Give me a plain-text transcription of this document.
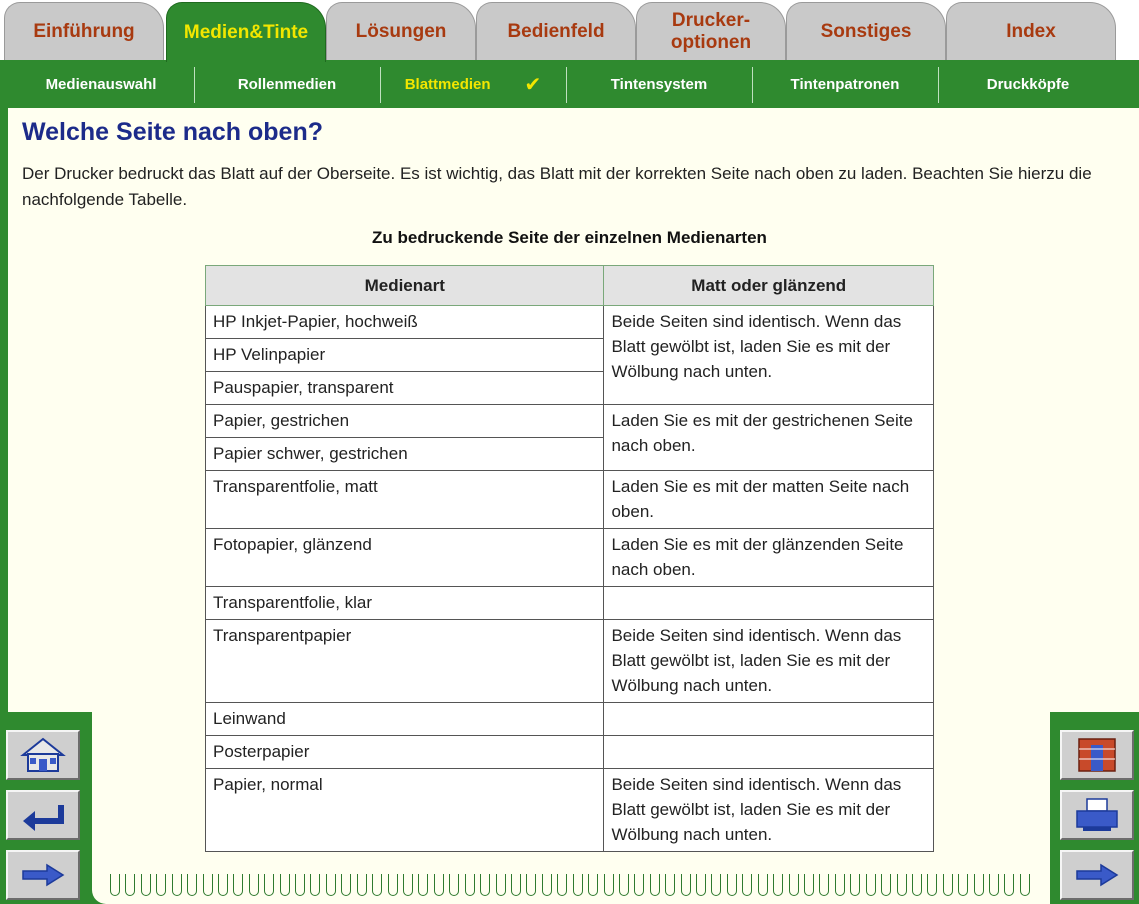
Einführung	Medien&Tinte	Lösungen	Bedienfeld
Drucker-
optionen
Sonstiges	Index
Medienauswahl	Rollenmedien	Blattmedien ✔	Tintensystem	Tintenpatronen	Druckköpfe
Welche Seite nach oben?

Der Drucker bedruckt das Blatt auf der Oberseite. Es ist wichtig, das Blatt mit der korrekten Seite nach oben zu laden. Beachten Sie hierzu die nachfolgende Tabelle.

Zu bedruckende Seite der einzelnen Medienarten
Medienart	Matt oder glänzend
HP Inkjet-Papier, hochweiß	Beide Seiten sind identisch. Wenn das Blatt gewölbt ist, laden Sie es mit der Wölbung nach unten.
HP Velinpapier	
Pauspapier, transparent	
Papier, gestrichen	Laden Sie es mit der gestrichenen Seite nach oben.
Papier schwer, gestrichen	
Transparentfolie, matt	Laden Sie es mit der matten Seite nach oben.
Fotopapier, glänzend	Laden Sie es mit der glänzenden Seite nach oben.
Transparentfolie, klar	
Transparentpapier	Beide Seiten sind identisch. Wenn das Blatt gewölbt ist, laden Sie es mit der Wölbung nach unten.
Leinwand	
Posterpapier	
Papier, normal	Beide Seiten sind identisch. Wenn das Blatt gewölbt ist, laden Sie es mit der Wölbung nach unten.
